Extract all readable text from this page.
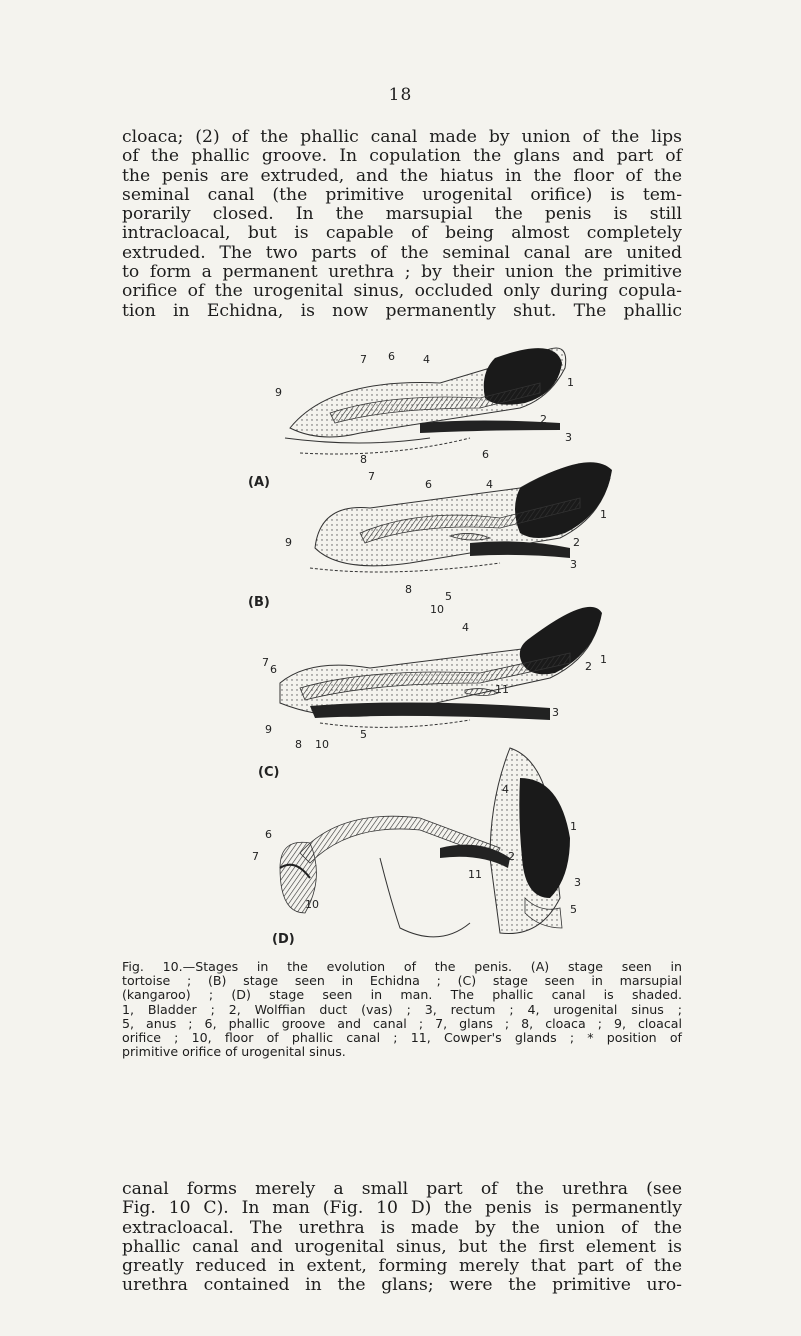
18

cloaca; (2) of the phallic canal made by union of the lips
of the phallic groove. In copulation the glans and part of
the penis are extruded, and the hiatus in the floor of the
seminal canal (the primitive urogenital orifice) is tem-
porarily closed. In the marsupial the penis is still
intracloacal, but is capable of being almost completely
extruded. The two parts of the seminal canal are united
to form a permanent urethra ; by their union the primitive
orifice of the urogenital sinus, occluded only during copula-
tion in Echidna, is now permanently shut. The phallic

7 6	4
1
9
2
3
8	6
(A)	7
6	4
1
9	11	2
3
8
5
10
(B)
4
7
6	2
1
11
3
9
8 10
5
(C)
4
1
6
7	2
11
3
10	5
(D)

Fig. 10.—Stages in the evolution of the penis. (A) stage seen in
tortoise ; (B) stage seen in Echidna ; (C) stage seen in marsupial
(kangaroo) ; (D) stage seen in man. The phallic canal is shaded.
1, Bladder ; 2, Wolffian duct (vas) ; 3, rectum ; 4, urogenital sinus ;
5, anus ; 6, phallic groove and canal ; 7, glans ; 8, cloaca ; 9, cloacal
orifice ; 10, floor of phallic canal ; 11, Cowper's glands ; * position of
primitive orifice of urogenital sinus.

canal forms merely a small part of the urethra (see
Fig. 10 C). In man (Fig. 10 D) the penis is permanently
extracloacal. The urethra is made by the union of the
phallic canal and urogenital sinus, but the first element is
greatly reduced in extent, forming merely that part of the
urethra contained in the glans; were the primitive uro-
